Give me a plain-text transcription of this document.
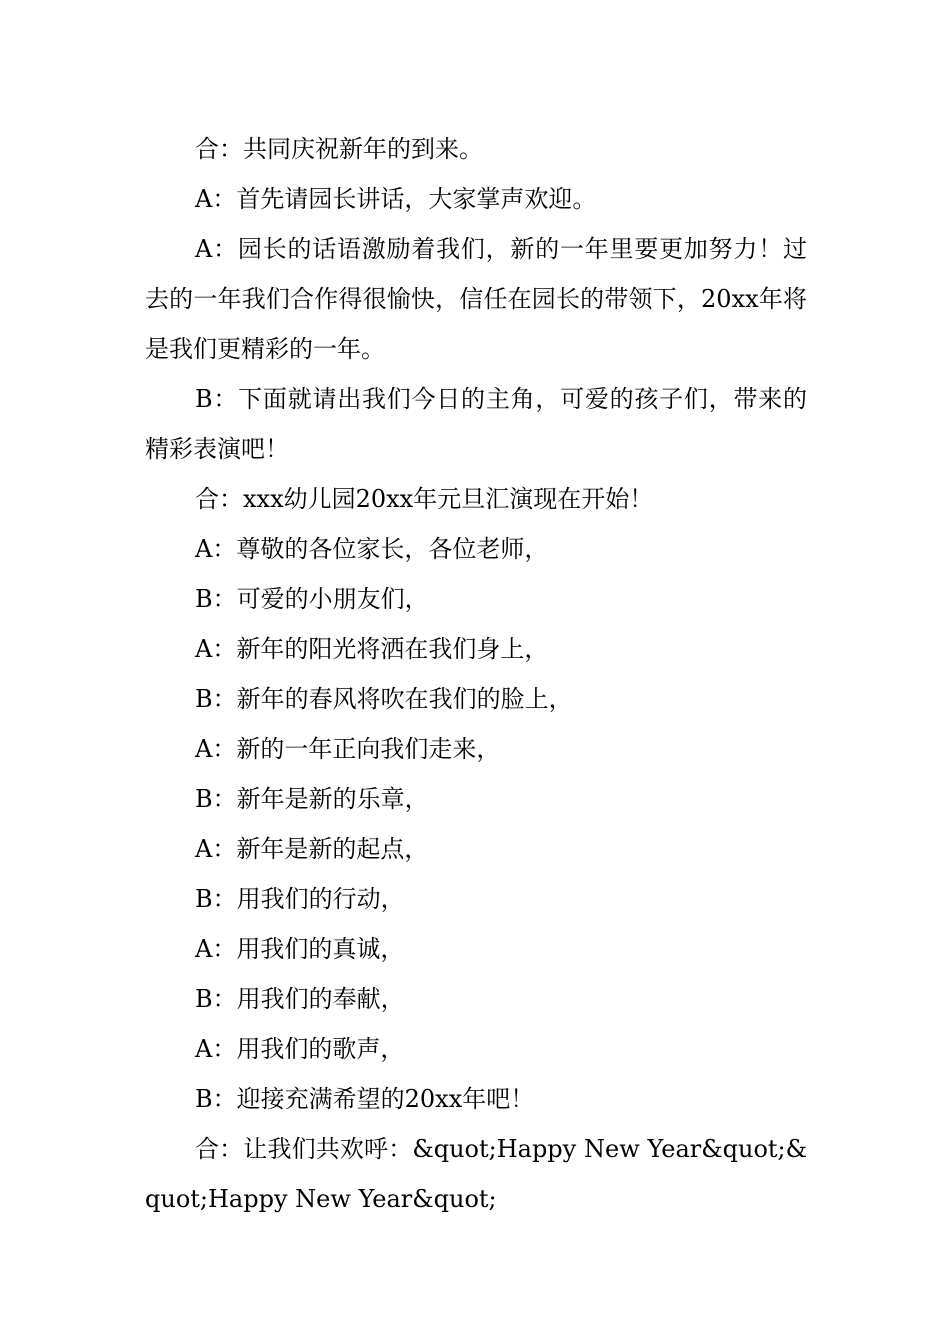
合：共同庆祝新年的到来。

A：首先请园长讲话，大家掌声欢迎。

A：园长的话语激励着我们，新的一年里要更加努力！过去的一年我们合作得很愉快，信任在园长的带领下，20xx年将是我们更精彩的一年。

B：下面就请出我们今日的主角，可爱的孩子们，带来的精彩表演吧！

合：xxx幼儿园20xx年元旦汇演现在开始！

A：尊敬的各位家长，各位老师，

B：可爱的小朋友们，

A：新年的阳光将洒在我们身上，

B：新年的春风将吹在我们的脸上，

A：新的一年正向我们走来，

B：新年是新的乐章，

A：新年是新的起点，

B：用我们的行动，

A：用我们的真诚，

B：用我们的奉献，

A：用我们的歌声，

B：迎接充满希望的20xx年吧！

合：让我们共欢呼：&quot;Happy New Year&quot;&quot;Happy New Year&quot;
